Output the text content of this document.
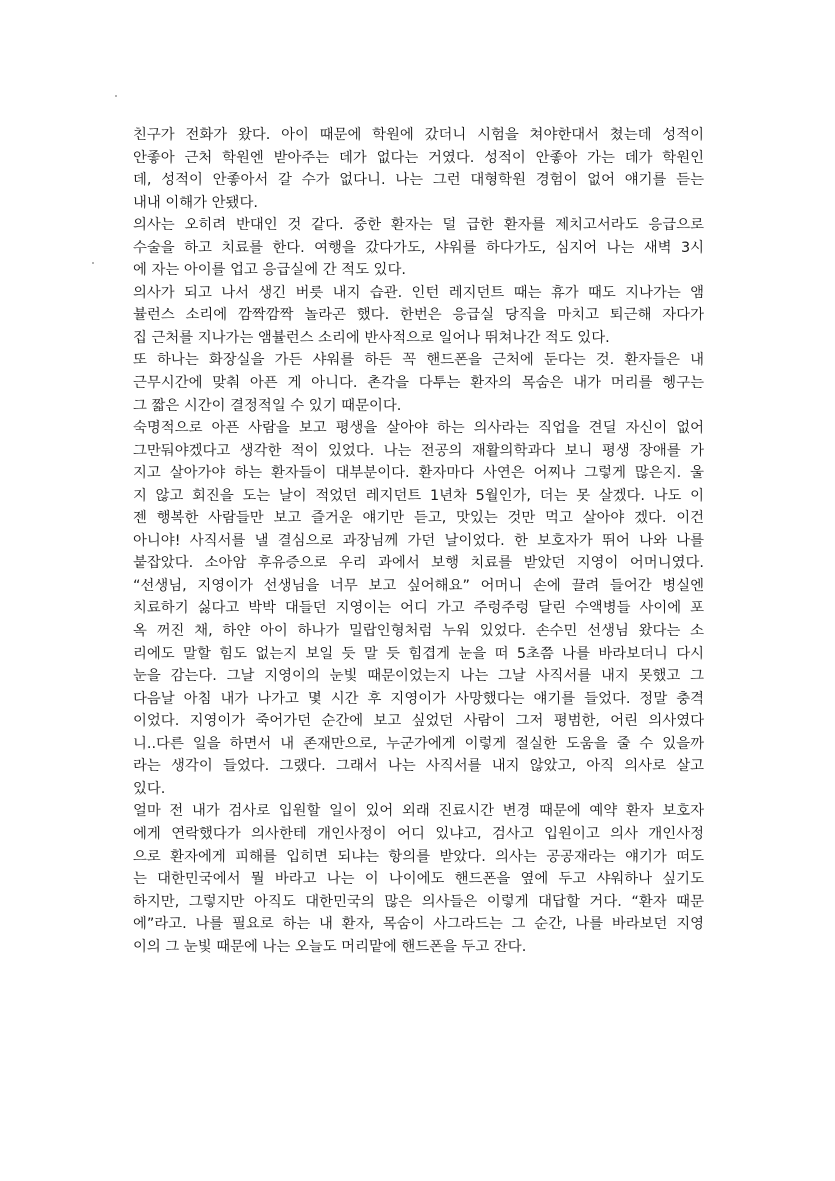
친구가 전화가 왔다. 아이 때문에 학원에 갔더니 시험을 쳐야한대서 쳤는데 성적이
안좋아 근처 학원엔 받아주는 데가 없다는 거였다. 성적이 안좋아 가는 데가 학원인
데, 성적이 안좋아서 갈 수가 없다니. 나는 그런 대형학원 경험이 없어 얘기를 듣는
내내 이해가 안됐다.
의사는 오히려 반대인 것 같다. 중한 환자는 덜 급한 환자를 제치고서라도 응급으로
수술을 하고 치료를 한다. 여행을 갔다가도, 샤워를 하다가도, 심지어 나는 새벽 3시
에 자는 아이를 업고 응급실에 간 적도 있다.
의사가 되고 나서 생긴 버릇 내지 습관. 인턴 레지던트 때는 휴가 때도 지나가는 앰
뷸런스 소리에 깜짝깜짝 놀라곤 했다. 한번은 응급실 당직을 마치고 퇴근해 자다가
집 근처를 지나가는 앰뷸런스 소리에 반사적으로 일어나 뛰쳐나간 적도 있다.
또 하나는 화장실을 가든 샤워를 하든 꼭 핸드폰을 근처에 둔다는 것. 환자들은 내
근무시간에 맞춰 아픈 게 아니다. 촌각을 다투는 환자의 목숨은 내가 머리를 헹구는
그 짧은 시간이 결정적일 수 있기 때문이다.
숙명적으로 아픈 사람을 보고 평생을 살아야 하는 의사라는 직업을 견딜 자신이 없어
그만둬야겠다고 생각한 적이 있었다. 나는 전공의 재활의학과다 보니 평생 장애를 가
지고 살아가야 하는 환자들이 대부분이다. 환자마다 사연은 어찌나 그렇게 많은지. 울
지 않고 회진을 도는 날이 적었던 레지던트 1년차 5월인가, 더는 못 살겠다. 나도 이
젠 행복한 사람들만 보고 즐거운 얘기만 듣고, 맛있는 것만 먹고 살아야 겠다. 이건
아니야! 사직서를 낼 결심으로 과장님께 가던 날이었다. 한 보호자가 뛰어 나와 나를
붙잡았다. 소아암 후유증으로 우리 과에서 보행 치료를 받았던 지영이 어머니였다.
“선생님, 지영이가 선생님을 너무 보고 싶어해요” 어머니 손에 끌려 들어간 병실엔
치료하기 싫다고 박박 대들던 지영이는 어디 가고 주렁주렁 달린 수액병들 사이에 포
옥 꺼진 채, 하얀 아이 하나가 밀랍인형처럼 누워 있었다. 손수민 선생님 왔다는 소
리에도 말할 힘도 없는지 보일 듯 말 듯 힘겹게 눈을 떠 5초쯤 나를 바라보더니 다시
눈을 감는다. 그날 지영이의 눈빛 때문이었는지 나는 그날 사직서를 내지 못했고 그
다음날 아침 내가 나가고 몇 시간 후 지영이가 사망했다는 얘기를 들었다. 정말 충격
이었다. 지영이가 죽어가던 순간에 보고 싶었던 사람이 그저 평범한, 어린 의사였다
니..다른 일을 하면서 내 존재만으로, 누군가에게 이렇게 절실한 도움을 줄 수 있을까
라는 생각이 들었다. 그랬다. 그래서 나는 사직서를 내지 않았고, 아직 의사로 살고
있다.
얼마 전 내가 검사로 입원할 일이 있어 외래 진료시간 변경 때문에 예약 환자 보호자
에게 연락했다가 의사한테 개인사정이 어디 있냐고, 검사고 입원이고 의사 개인사정
으로 환자에게 피해를 입히면 되냐는 항의를 받았다. 의사는 공공재라는 얘기가 떠도
는 대한민국에서 뭘 바라고 나는 이 나이에도 핸드폰을 옆에 두고 샤워하나 싶기도
하지만, 그렇지만 아직도 대한민국의 많은 의사들은 이렇게 대답할 거다. “환자 때문
에”라고. 나를 필요로 하는 내 환자, 목숨이 사그라드는 그 순간, 나를 바라보던 지영
이의 그 눈빛 때문에 나는 오늘도 머리맡에 핸드폰을 두고 잔다.
